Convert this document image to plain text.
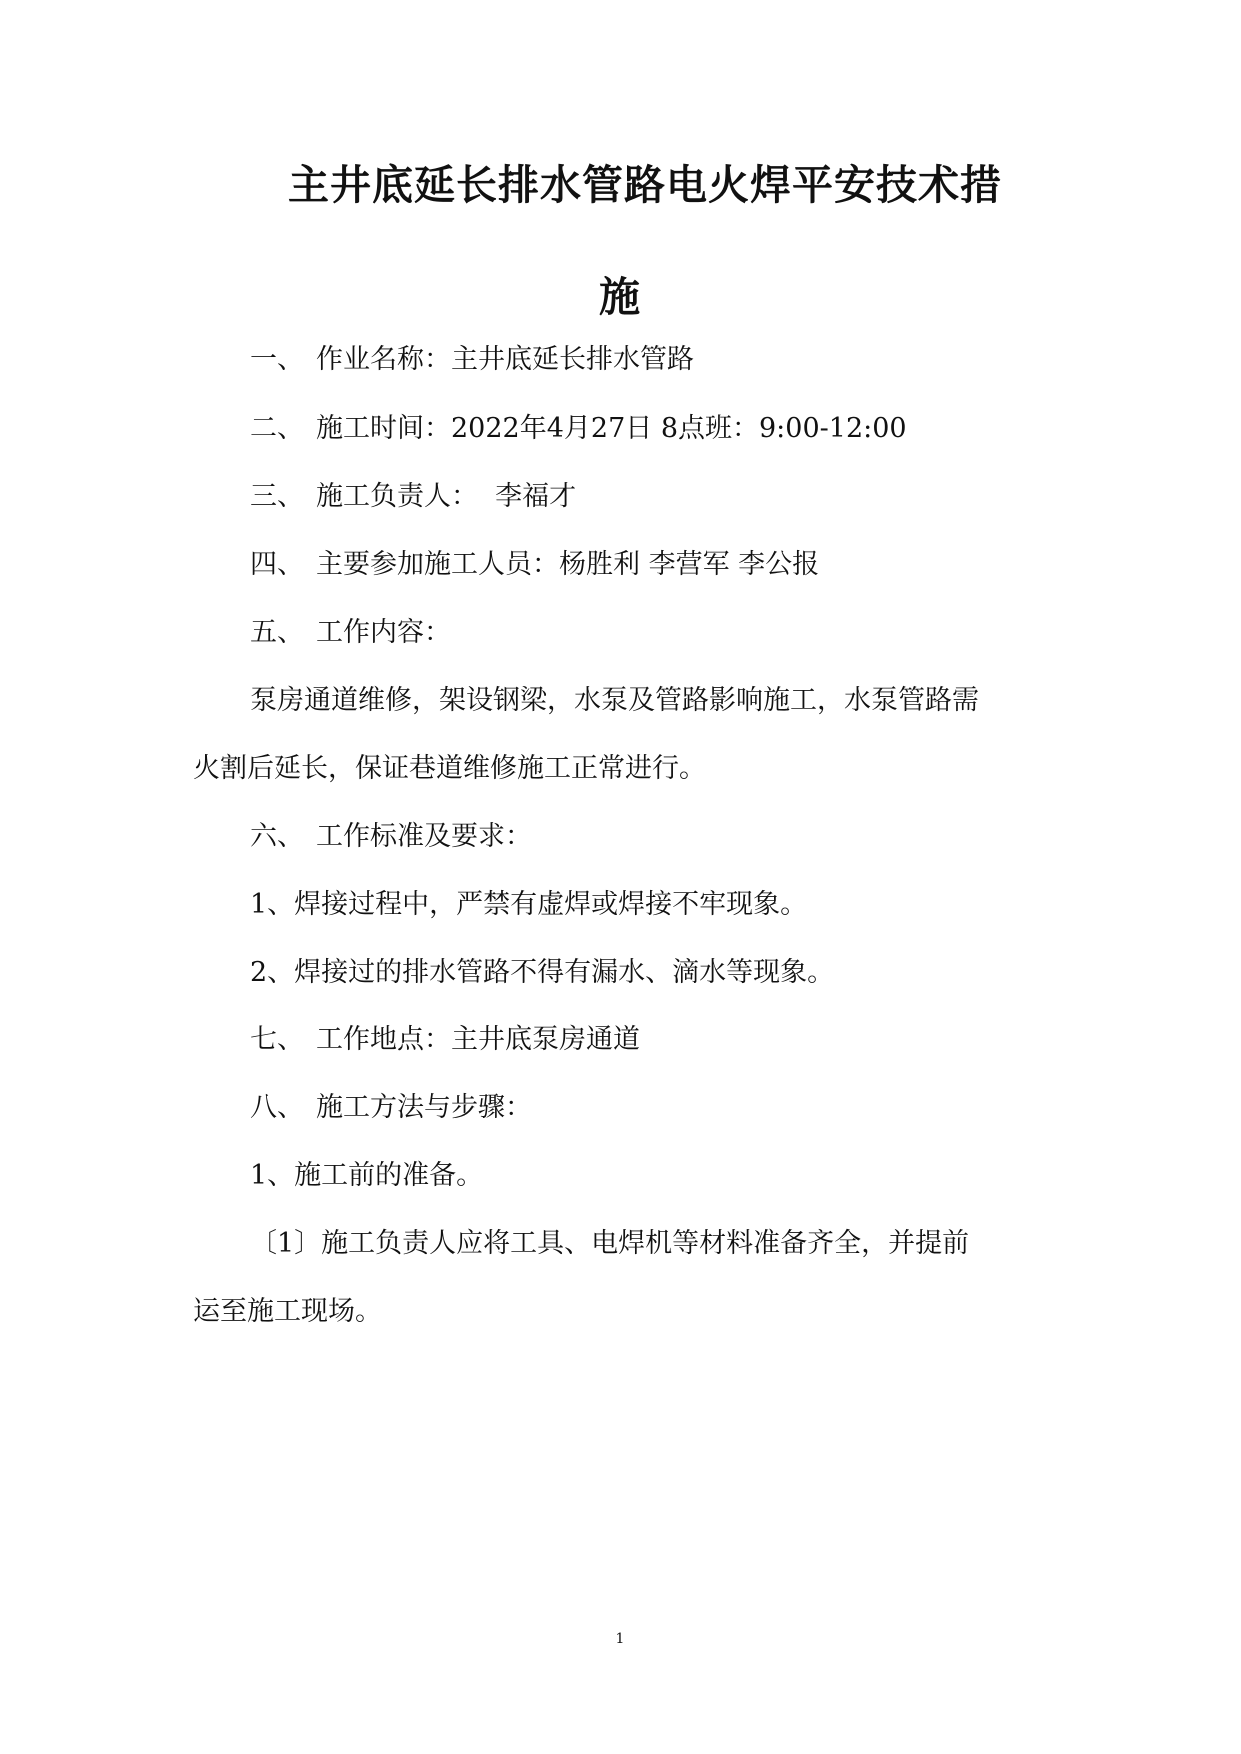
主井底延长排水管路电火焊平安技术措
施
一、 作业名称：主井底延长排水管路
二、 施工时间：2022年4月27日 8点班：9:00-12:00
三、 施工负责人：  李福才
四、 主要参加施工人员：杨胜利 李营军 李公报
五、 工作内容：
泵房通道维修，架设钢梁，水泵及管路影响施工，水泵管路需
火割后延长，保证巷道维修施工正常进行。
六、 工作标准及要求：
1、焊接过程中，严禁有虚焊或焊接不牢现象。
2、焊接过的排水管路不得有漏水、滴水等现象。
七、 工作地点：主井底泵房通道
八、 施工方法与步骤：
1、施工前的准备。
〔1〕施工负责人应将工具、电焊机等材料准备齐全，并提前
运至施工现场。
1
